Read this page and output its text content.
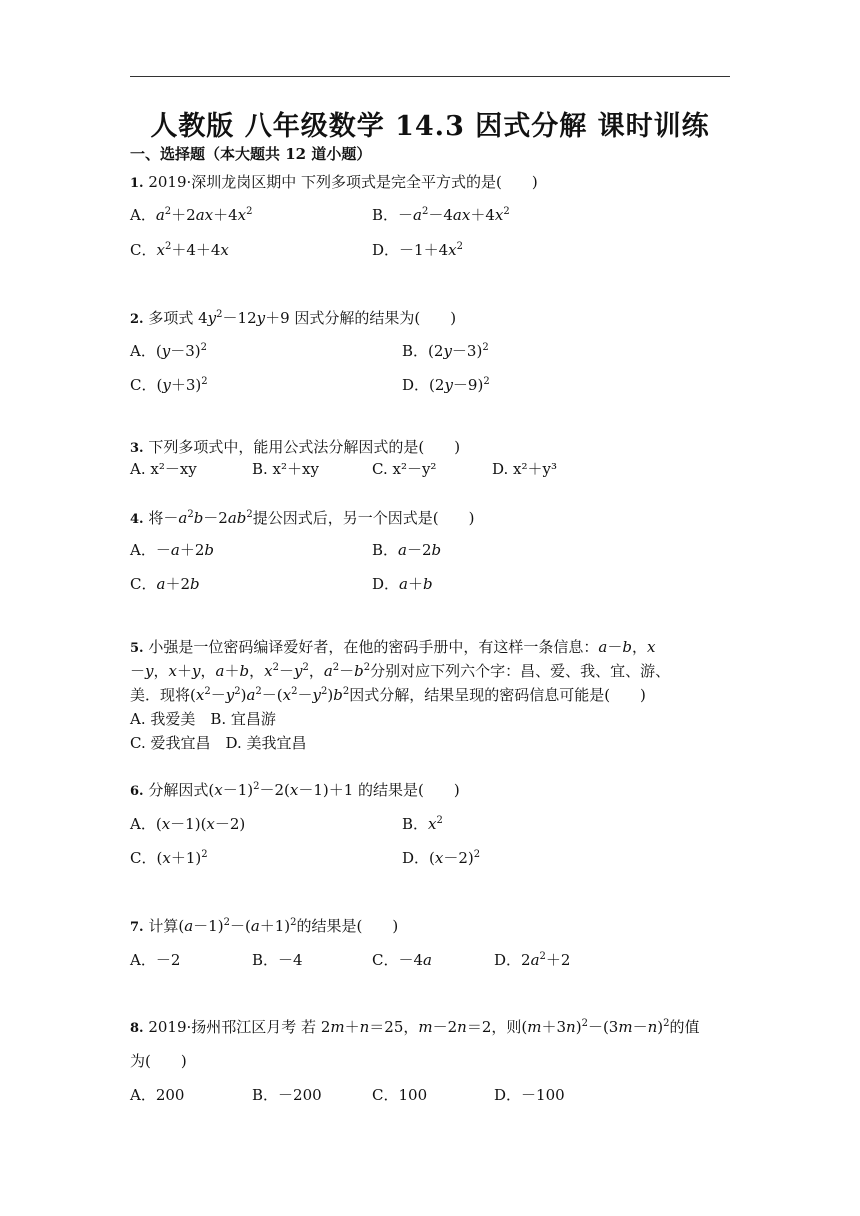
人教版 八年级数学 14.3 因式分解 课时训练
一、选择题（本大题共 12 道小题）
1. 2019·深圳龙岗区期中 下列多项式是完全平方式的是(　　)
A．$a^2+2ax+4x^2$	B．$-a^2-4ax+4x^2$
C．$x^2+4+4x$	D．$-1+4x^2$
2. 多项式 $4y^2-12y+9$ 因式分解的结果为(　　)
A．$(y-3)^2$	B．$(2y-3)^2$
C．$(y+3)^2$	D．$(2y-9)^2$
3. 下列多项式中，能用公式法分解因式的是(　　)
A. x²－xy	B. x²＋xy	C. x²－y²	D. x²＋y³
4. 将$-a^2b-2ab^2$提公因式后，另一个因式是(　　)
A．－a＋2b	B．a－2b
C．a＋2b	D．a＋b
5. 小强是一位密码编译爱好者，在他的密码手册中，有这样一条信息：a－b，x
－y，x＋y，a＋b，$x^2-y^2$，$a^2-b^2$分别对应下列六个字：昌、爱、我、宜、游、
美．现将$(x^2-y^2)a^2-(x^2-y^2)b^2$因式分解，结果呈现的密码信息可能是(　　)
A. 我爱美　B. 宜昌游
C. 爱我宜昌　D. 美我宜昌
6. 分解因式$(x-1)^2-2(x-1)+1$ 的结果是(　　)
A．(x－1)(x－2)	B．$x^2$
C．$(x+1)^2$	D．$(x-2)^2$
7. 计算$(a-1)^2-(a+1)^2$的结果是(　　)
A．－2	B．－4	C．－4a	D．$2a^2+2$
8. 2019·扬州邗江区月考 若 2m＋n＝25，m－2n＝2，则$(m+3n)^2-(3m-n)^2$的值
为(　　)
A．200	B．－200	C．100	D．－100
